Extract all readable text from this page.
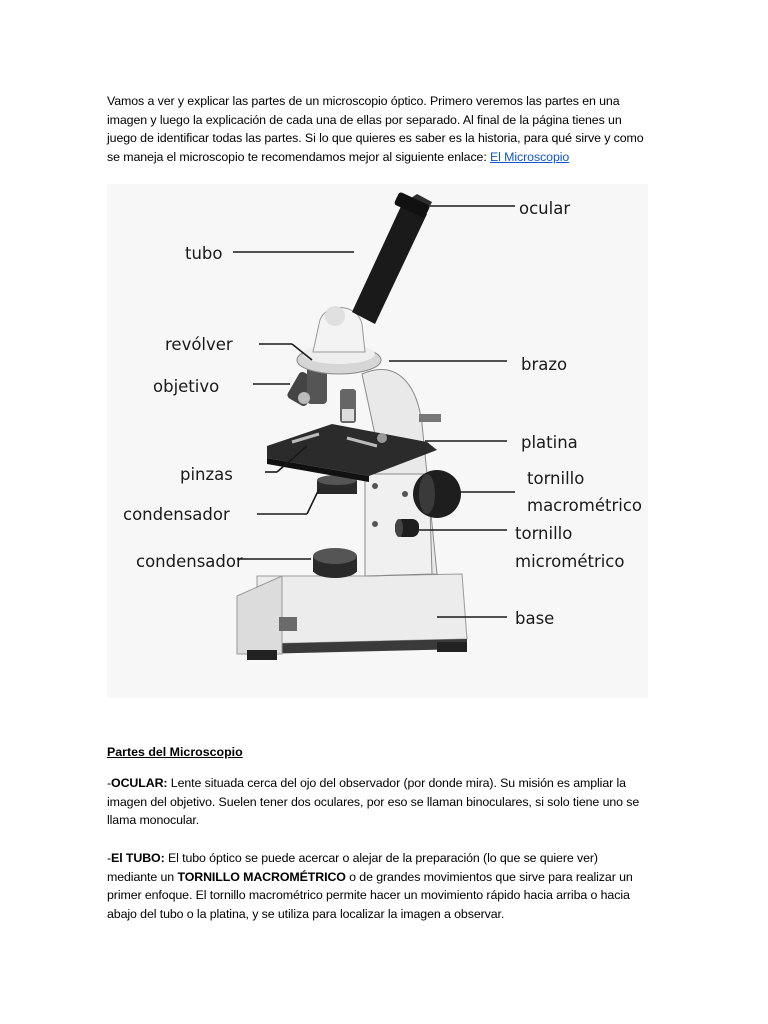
Vamos a ver y explicar las partes de un microscopio óptico. Primero veremos las partes en una
imagen y luego la explicación de cada una de ellas por separado. Al final de la página tienes un
juego de identificar todas las partes. Si lo que quieres es saber es la historia, para qué sirve y como
se maneja el microscopio te recomendamos mejor al siguiente enlace: El Microscopio
ocular
tubo
revólver
objetivo
brazo
platina
pinzas	tornillo
macrométrico
condensador
tornillo
micrométrico
condensador
base
Partes del Microscopio
-OCULAR: Lente situada cerca del ojo del observador (por donde mira). Su misión es ampliar la
imagen del objetivo. Suelen tener dos oculares, por eso se llaman binoculares, si solo tiene uno se
llama monocular.
-El TUBO: El tubo óptico se puede acercar o alejar de la preparación (lo que se quiere ver)
mediante un TORNILLO MACROMÉTRICO o de grandes movimientos que sirve para realizar un
primer enfoque. El tornillo macrométrico permite hacer un movimiento rápido hacia arriba o hacia
abajo del tubo o la platina, y se utiliza para localizar la imagen a observar.
